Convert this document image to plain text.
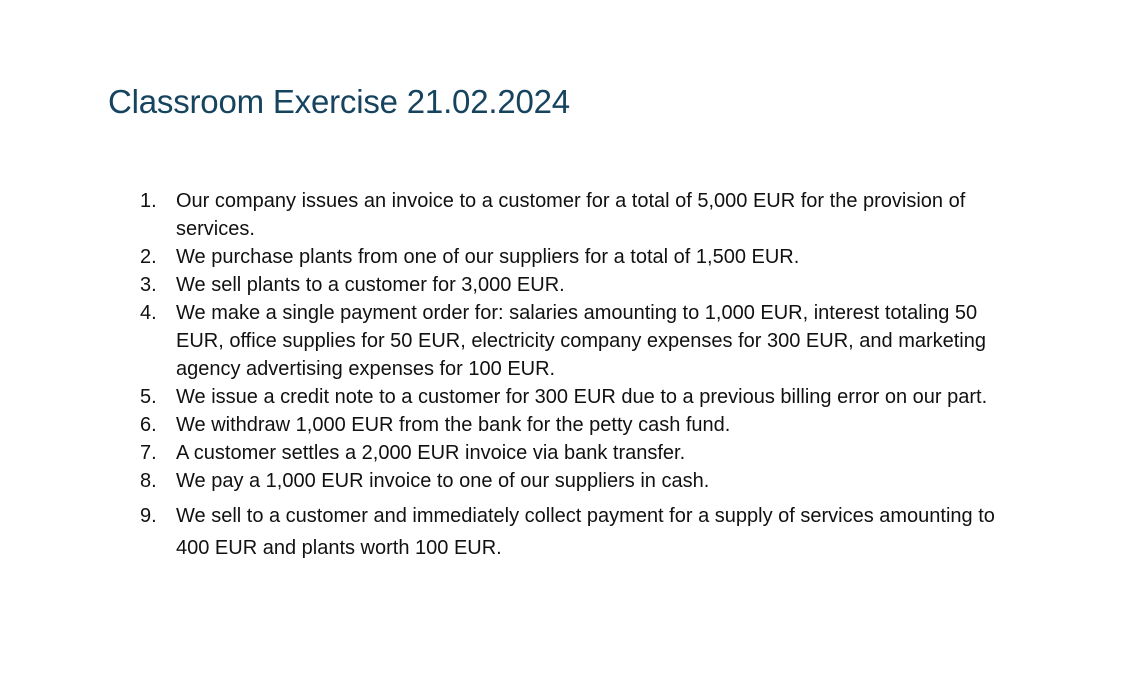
Classroom Exercise 21.02.2024
1. Our company issues an invoice to a customer for a total of 5,000 EUR for the provision of services.
2. We purchase plants from one of our suppliers for a total of 1,500 EUR.
3. We sell plants to a customer for 3,000 EUR.
4. We make a single payment order for: salaries amounting to 1,000 EUR, interest totaling 50 EUR, office supplies for 50 EUR, electricity company expenses for 300 EUR, and marketing agency advertising expenses for 100 EUR.
5. We issue a credit note to a customer for 300 EUR due to a previous billing error on our part.
6. We withdraw 1,000 EUR from the bank for the petty cash fund.
7. A customer settles a 2,000 EUR invoice via bank transfer.
8. We pay a 1,000 EUR invoice to one of our suppliers in cash.
9. We sell to a customer and immediately collect payment for a supply of services amounting to 400 EUR and plants worth 100 EUR.
